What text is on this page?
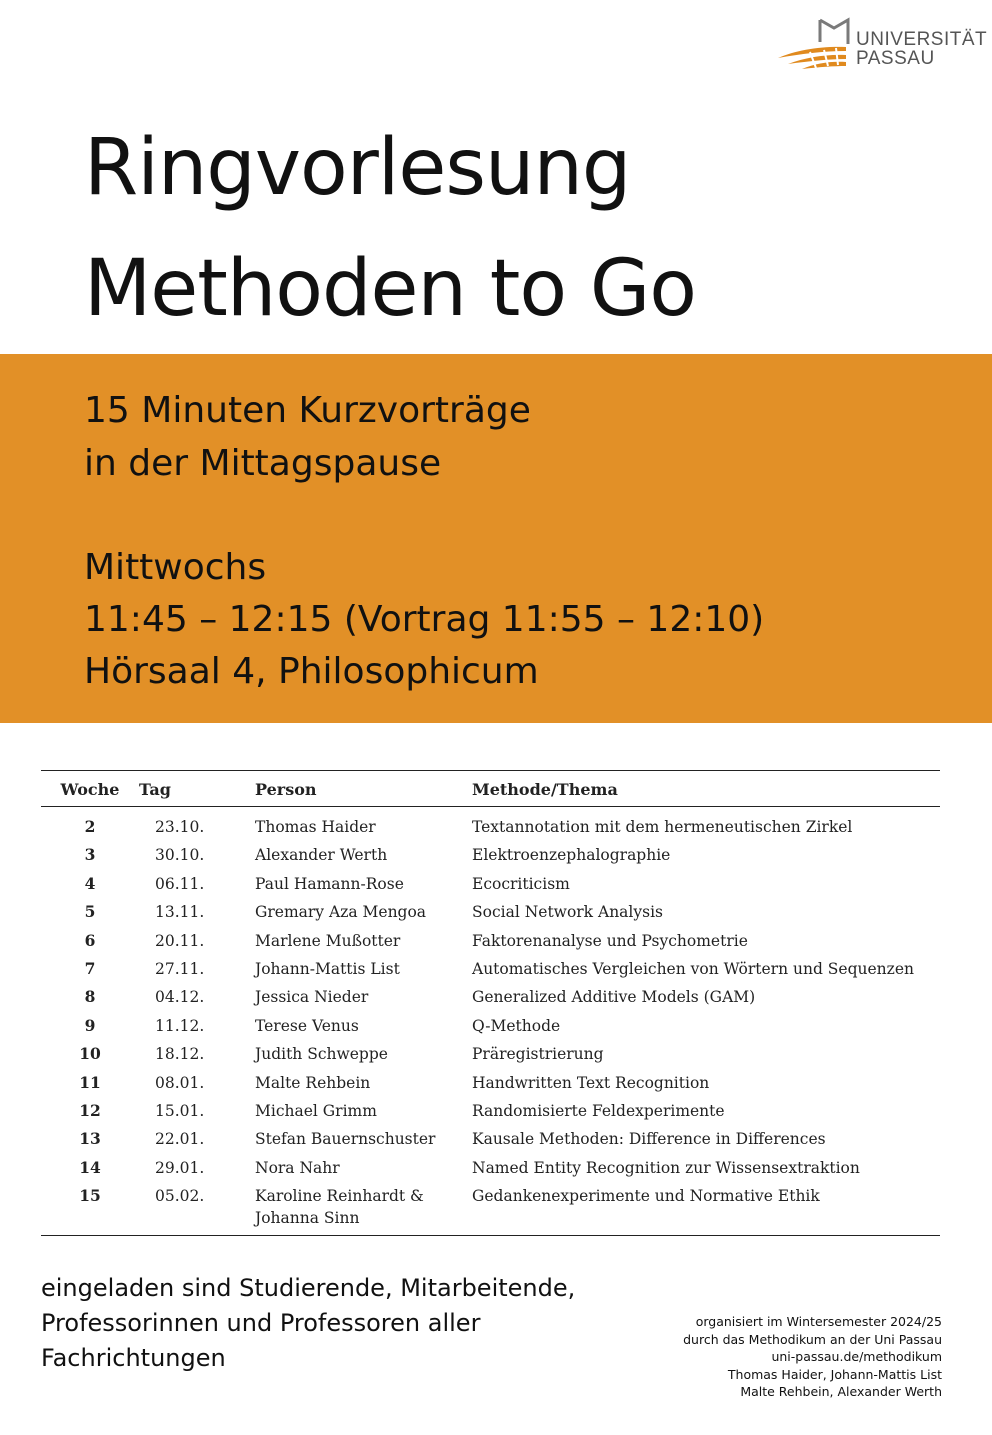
UNIVERSITÄT
PASSAU
Ringvorlesung
Methoden to Go

15 Minuten Kurzvorträge
in der Mittagspause

Mittwochs
11:45 – 12:15 (Vortrag 11:55 – 12:10)
Hörsaal 4, Philosophicum

Woche	Tag	Person	Methode/Thema

2	23.10.	Thomas Haider	Textannotation mit dem hermeneutischen Zirkel

3	30.10.	Alexander Werth	Elektroenzephalographie

4	06.11.	Paul Hamann-Rose	Ecocriticism

5	13.11.	Gremary Aza Mengoa	Social Network Analysis

6	20.11.	Marlene Mußotter	Faktorenanalyse und Psychometrie

7	27.11.	Johann-Mattis List	Automatisches Vergleichen von Wörtern und Sequenzen

8	04.12.	Jessica Nieder	Generalized Additive Models (GAM)

9	11.12.	Terese Venus	Q-Methode

10	18.12.	Judith Schweppe	Präregistrierung

11	08.01.	Malte Rehbein	Handwritten Text Recognition

12	15.01.	Michael Grimm	Randomisierte Feldexperimente

13	22.01.	Stefan Bauernschuster	Kausale Methoden: Difference in Differences

14	29.01.	Nora Nahr	Named Entity Recognition zur Wissensextraktion

15	05.02.	Karoline Reinhardt &
Johanna Sinn	Gedankenexperimente und Normative Ethik

eingeladen sind Studierende, Mitarbeitende,
Professorinnen und Professoren aller
Fachrichtungen

organisiert im Wintersemester 2024/25
durch das Methodikum an der Uni Passau
uni-passau.de/methodikum
Thomas Haider, Johann-Mattis List
Malte Rehbein, Alexander Werth
